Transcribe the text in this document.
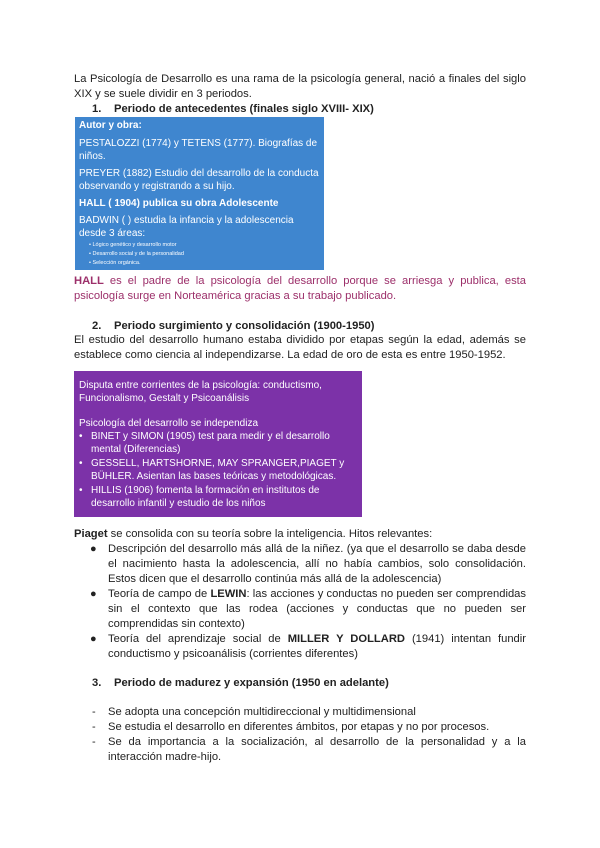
La Psicología de Desarrollo es una rama de la psicología general, nació a finales del siglo XIX y se suele dividir en 3 periodos.

1. Periodo de antecedentes (finales siglo XVIII- XIX)

Autor y obra:
PESTALOZZI (1774) y TETENS (1777). Biografías de
niños.
PREYER (1882) Estudio del desarrollo de la conducta
observando y registrando a su hijo.
HALL ( 1904) publica su obra Adolescente
BADWIN ( ) estudia la infancia y la adolescencia
desde 3 áreas:
• Lógico genético y desarrollo motor
• Desarrollo social y de la personalidad
• Selección orgánica.

HALL es el padre de la psicología del desarrollo porque se arriesga y publica, esta psicología surge en Norteamérica gracias a su trabajo publicado.

2. Periodo surgimiento y consolidación (1900-1950)

El estudio del desarrollo humano estaba dividido por etapas según la edad, además se establece como ciencia al independizarse. La edad de oro de esta es entre 1950-1952.

Disputa entre corrientes de la psicología: conductismo,
Funcionalismo, Gestalt y Psicoanálisis
Psicología del desarrollo se independiza
• BINET y SIMON (1905) test para medir y el desarrollo mental (Diferencias)
• GESSELL, HARTSHORNE, MAY SPRANGER,PIAGET y BÜHLER. Asientan las bases teóricas y metodológicas.
• HILLIS (1906) fomenta la formación en institutos de desarrollo infantil y estudio de los niños

Piaget se consolida con su teoría sobre la inteligencia. Hitos relevantes:

● Descripción del desarrollo más allá de la niñez. (ya que el desarrollo se daba desde el nacimiento hasta la adolescencia, allí no había cambios, solo consolidación. Estos dicen que el desarrollo continúa más allá de la adolescencia)

● Teoría de campo de LEWIN: las acciones y conductas no pueden ser comprendidas sin el contexto que las rodea (acciones y conductas que no pueden ser comprendidas sin contexto)

● Teoría del aprendizaje social de MILLER Y DOLLARD (1941) intentan fundir conductismo y psicoanálisis (corrientes diferentes)

3. Periodo de madurez y expansión (1950 en adelante)

- Se adopta una concepción multidireccional y multidimensional

- Se estudia el desarrollo en diferentes ámbitos, por etapas y no por procesos.

- Se da importancia a la socialización, al desarrollo de la personalidad y a la interacción madre-hijo.
